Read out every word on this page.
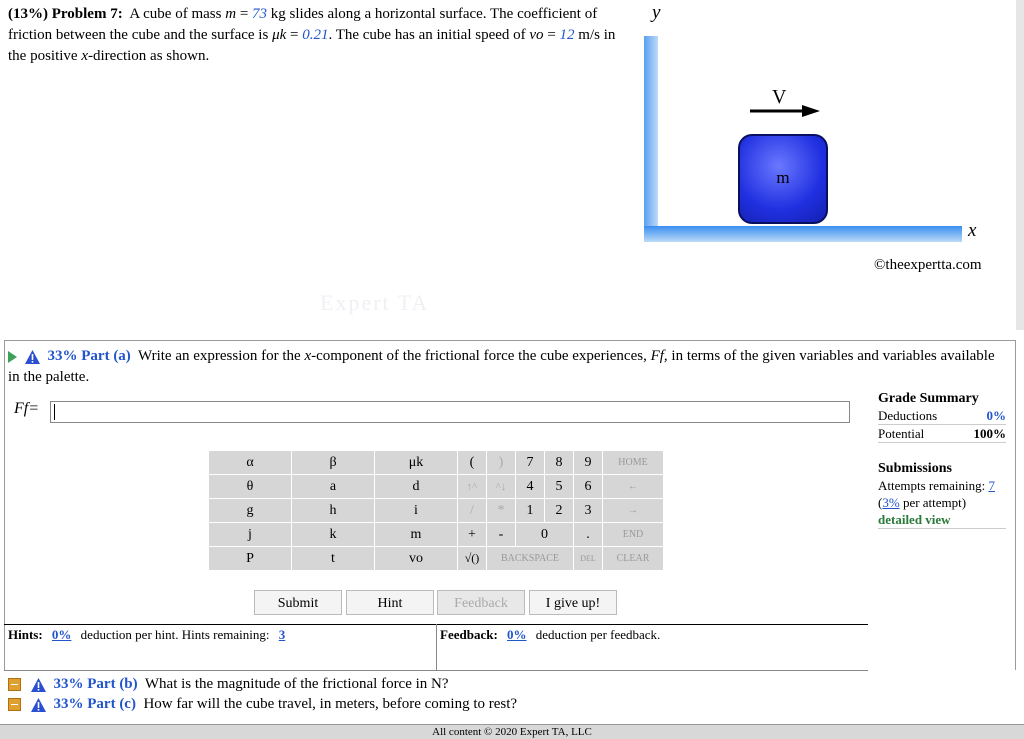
(13%) Problem 7: A cube of mass m = 73 kg slides along a horizontal surface. The coefficient of friction between the cube and the surface is μk = 0.21. The cube has an initial speed of vo = 12 m/s in the positive x-direction as shown.
y
x
V
m
©theexpertta.com
Expert TA
33% Part (a) Write an expression for the x-component of the frictional force the cube experiences, Ff, in terms of the given variables and variables available in the palette.
Ff=
Grade Summary
Deductions	0%
Potential	100%
Submissions
Attempts remaining: 7
(3% per attempt)
detailed view
α	β	μk	(	)	7	8	9	HOME
θ	a	d	↑^	^↓	4	5	6	←
g	h	i	/	*	1	2	3	→
j	k	m	+	-	0		.	END
P	t	vo	√()	BACKSPACE			DEL	CLEAR
Submit	Hint	Feedback	I give up!
Hints: 0% deduction per hint. Hints remaining: 3	Feedback: 0% deduction per feedback.
33% Part (b) What is the magnitude of the frictional force in N?
33% Part (c) How far will the cube travel, in meters, before coming to rest?
All content © 2020 Expert TA, LLC
